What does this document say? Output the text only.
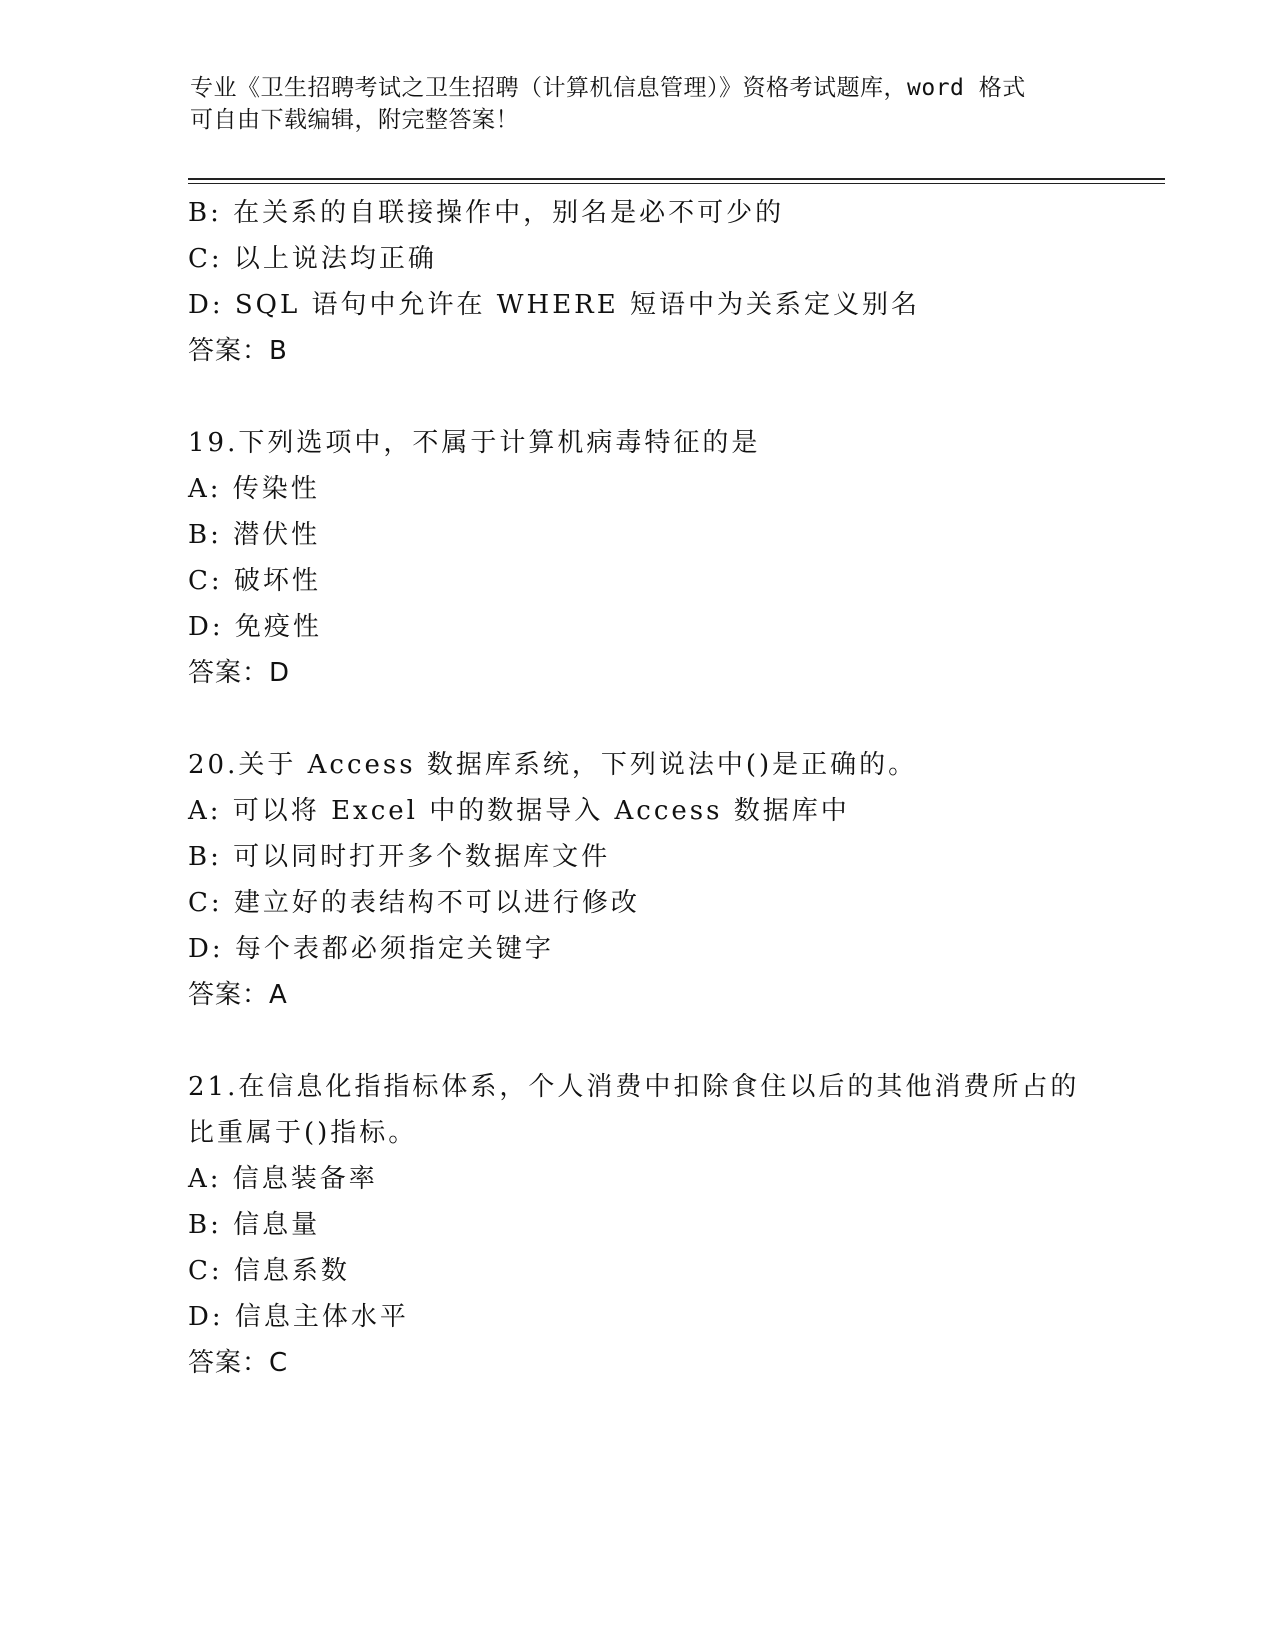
专业《卫生招聘考试之卫生招聘（计算机信息管理）》资格考试题库，word 格式
可自由下载编辑，附完整答案！
B: 在关系的自联接操作中，别名是必不可少的
C: 以上说法均正确
D: SQL 语句中允许在 WHERE 短语中为关系定义别名
答案：B
19.下列选项中，不属于计算机病毒特征的是
A: 传染性
B: 潜伏性
C: 破坏性
D: 免疫性
答案：D
20.关于 Access 数据库系统，下列说法中()是正确的。
A: 可以将 Excel 中的数据导入 Access 数据库中
B: 可以同时打开多个数据库文件
C: 建立好的表结构不可以进行修改
D: 每个表都必须指定关键字
答案：A
21.在信息化指指标体系，个人消费中扣除食住以后的其他消费所占的
比重属于()指标。
A: 信息装备率
B: 信息量
C: 信息系数
D: 信息主体水平
答案：C
